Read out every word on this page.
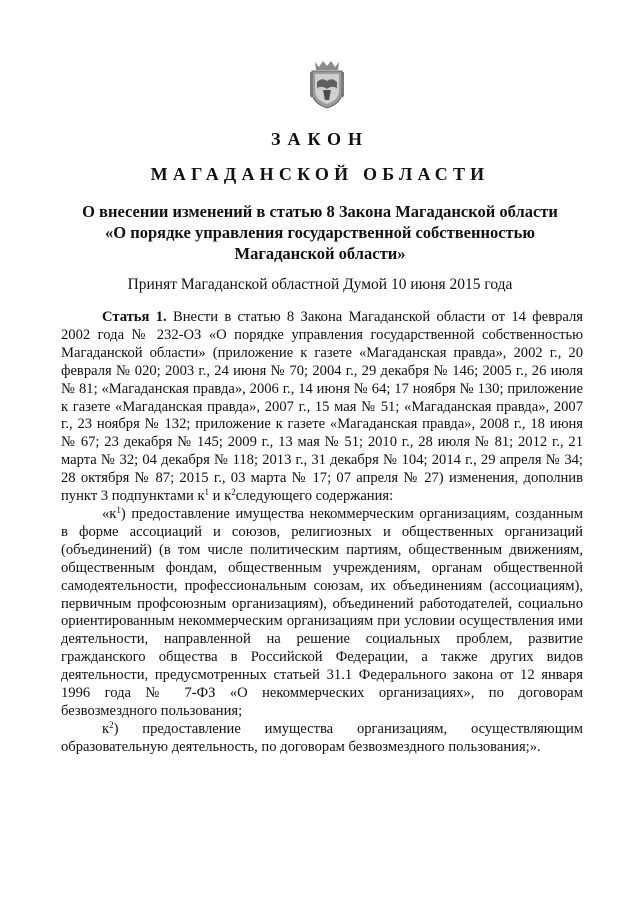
ЗАКОН
МАГАДАНСКОЙ ОБЛАСТИ
О внесении изменений в статью 8 Закона Магаданской области
«О порядке управления государственной собственностью
Магаданской области»
Принят Магаданской областной Думой 10 июня 2015 года

Статья 1. Внести в статью 8 Закона Магаданской области от 14 февраля 2002 года № 232-ОЗ «О порядке управления государственной собственностью Магаданской области» (приложение к газете «Магаданская правда», 2002 г., 20 февраля № 020; 2003 г., 24 июня № 70; 2004 г., 29 декабря № 146; 2005 г., 26 июля № 81; «Магаданская правда», 2006 г., 14 июня № 64; 17 ноября № 130; приложение к газете «Магаданская правда», 2007 г., 15 мая № 51; «Магаданская правда», 2007 г., 23 ноября № 132; приложение к газете «Магаданская правда», 2008 г., 18 июня № 67; 23 декабря № 145; 2009 г., 13 мая № 51; 2010 г., 28 июля № 81; 2012 г., 21 марта № 32; 04 декабря № 118; 2013 г., 31 декабря № 104; 2014 г., 29 апреля № 34; 28 октября № 87; 2015 г., 03 марта № 17; 07 апреля № 27) изменения, дополнив пункт 3 подпунктами $к^1$ и $к^2следующего$ содержания:

«$к^1$) предоставление имущества некоммерческим организациям, созданным в форме ассоциаций и союзов, религиозных и общественных организаций (объединений) (в том числе политическим партиям, общественным движениям, общественным фондам, общественным учреждениям, органам общественной самодеятельности, профессиональным союзам, их объединениям (ассоциациям), первичным профсоюзным организациям), объединений работодателей, социально ориентированным некоммерческим организациям при условии осуществления ими деятельности, направленной на решение социальных проблем, развитие гражданского общества в Российской Федерации, а также других видов деятельности, предусмотренных статьей 31.1 Федерального закона от 12 января 1996 года № 7-ФЗ «О некоммерческих организациях», по договорам безвозмездного пользования;

$к^2$) предоставление имущества организациям, осуществляющим образовательную деятельность, по договорам безвозмездного пользования;».
